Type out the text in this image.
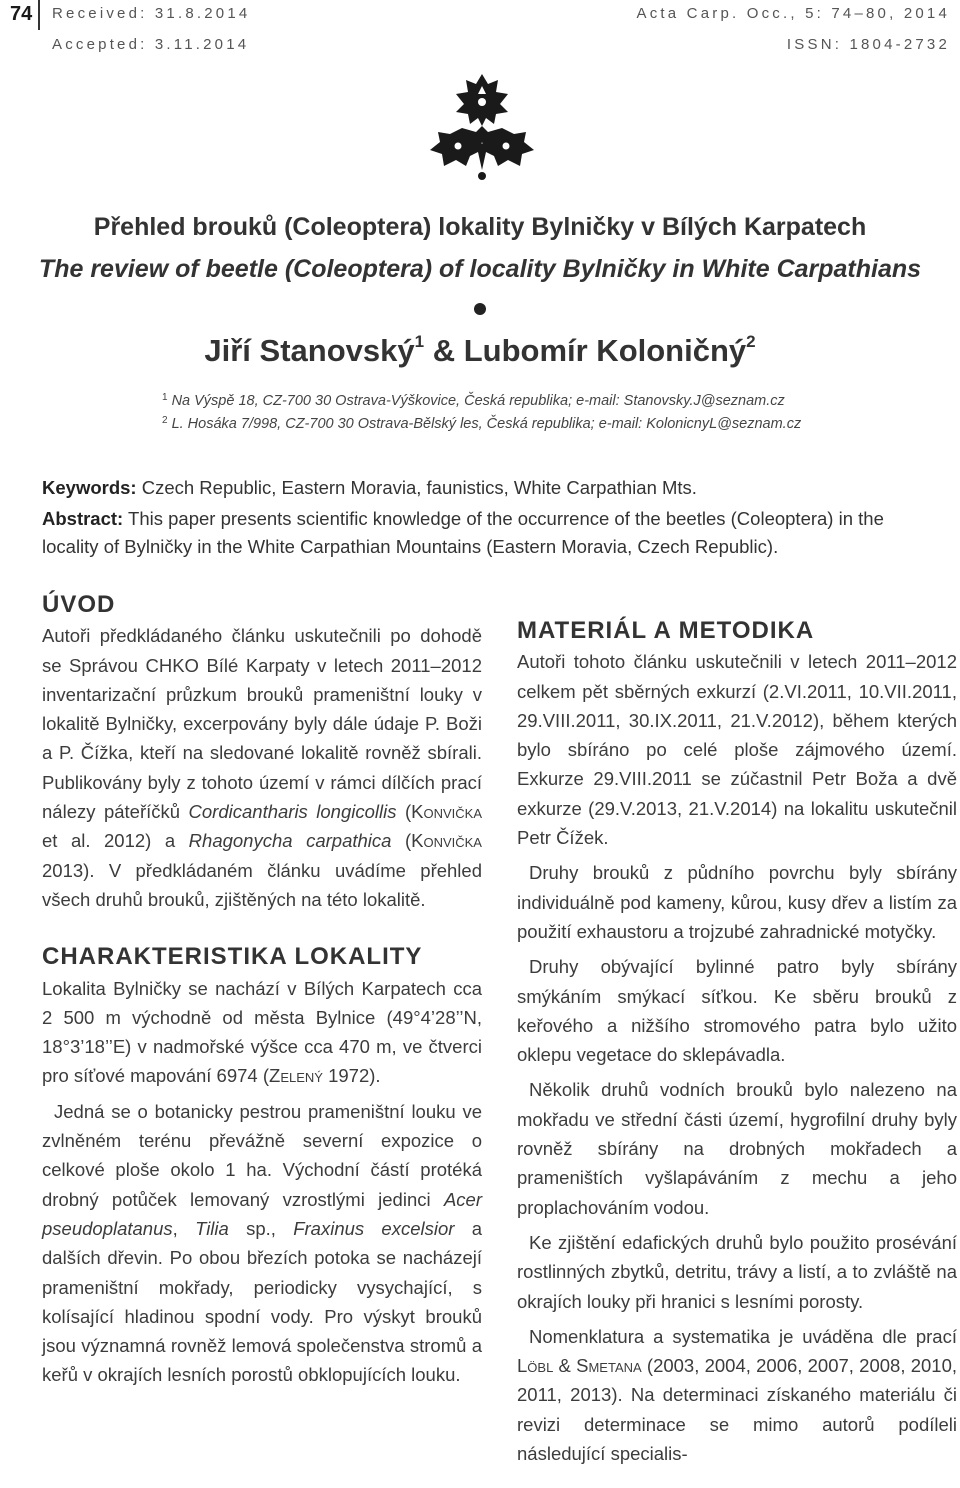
74 Received: 31.8.2014
Accepted: 3.11.2014
Acta Carp. Occ., 5: 74–80, 2014
ISSN: 1804-2732
Přehled brouků (Coleoptera) lokality Bylničky v Bílých Karpatech
The review of beetle (Coleoptera) of locality Bylničky in White Carpathians
Jiří Stanovský$^1$ & Lubomír Koloničný$^2$
$^1$ Na Výspě 18, CZ-700 30 Ostrava-Výškovice, Česká republika; e-mail: Stanovsky.J@seznam.cz
$^2$ L. Hosáka 7/998, CZ-700 30 Ostrava-Bělský les, Česká republika; e-mail: KolonicnyL@seznam.cz
Keywords: Czech Republic, Eastern Moravia, faunistics, White Carpathian Mts.
Abstract: This paper presents scientific knowledge of the occurrence of the beetles (Coleoptera) in the locality of Bylničky in the White Carpathian Mountains (Eastern Moravia, Czech Republic).
ÚVOD

Autoři předkládaného článku uskutečnili po dohodě se Správou CHKO Bílé Karpaty v letech 2011–2012 inventarizační průzkum brouků prameništní louky v lokalitě Bylničky, excerpovány byly dále údaje P. Boži a P. Čížka, kteří na sledované lokalitě rovněž sbírali. Publikovány byly z tohoto území v rámci dílčích prací nálezy páteříčků Cordicantharis longicollis (Konvička et al. 2012) a Rhagonycha carpathica (Konvička 2013). V předkládaném článku uvádíme přehled všech druhů brouků, zjištěných na této lokalitě.

CHARAKTERISTIKA LOKALITY

Lokalita Bylničky se nachází v Bílých Karpatech cca 2 500 m východně od města Bylnice (49°4’28’’N, 18°3’18’’E) v nadmořské výšce cca 470 m, ve čtverci pro síťové mapování 6974 (Zelený 1972).

Jedná se o botanicky pestrou prameništní louku ve zvlněném terénu převážně severní expozice o celkové ploše okolo 1 ha. Východní částí protéká drobný potůček lemovaný vzrostlými jedinci Acer pseudoplatanus, Tilia sp., Fraxinus excelsior a dalších dřevin. Po obou březích potoka se nacházejí prameništní mokřady, periodicky vysychající, s kolísající hladinou spodní vody. Pro výskyt brouků jsou významná rovněž lemová společenstva stromů a keřů v okrajích lesních porostů obklopujících louku.

MATERIÁL A METODIKA

Autoři tohoto článku uskutečnili v letech 2011–2012 celkem pět sběrných exkurzí (2.VI.2011, 10.VII.2011, 29.VIII.2011, 30.IX.2011, 21.V.2012), během kterých bylo sbíráno po celé ploše zájmového území. Exkurze 29.VIII.2011 se zúčastnil Petr Boža a dvě exkurze (29.V.2013, 21.V.2014) na lokalitu uskutečnil Petr Čížek.

Druhy brouků z půdního povrchu byly sbírány individuálně pod kameny, kůrou, kusy dřev a listím za použití exhaustoru a trojzubé zahradnické motyčky.

Druhy obývající bylinné patro byly sbírány smýkáním smýkací síťkou. Ke sběru brouků z keřového a nižšího stromového patra bylo užito oklepu vegetace do sklepávadla.

Několik druhů vodních brouků bylo nalezeno na mokřadu ve střední části území, hygrofilní druhy byly rovněž sbírány na drobných mokřadech a prameništích vyšlapáváním z mechu a jeho proplachováním vodou.

Ke zjištění edafických druhů bylo použito prosévání rostlinných zbytků, detritu, trávy a listí, a to zvláště na okrajích louky při hranici s lesními porosty.

Nomenklatura a systematika je uváděna dle prací Löbl & Smetana (2003, 2004, 2006, 2007, 2008, 2010, 2011, 2013). Na determinaci získaného materiálu či revizi determinace se mimo autorů podíleli následující specialis-
